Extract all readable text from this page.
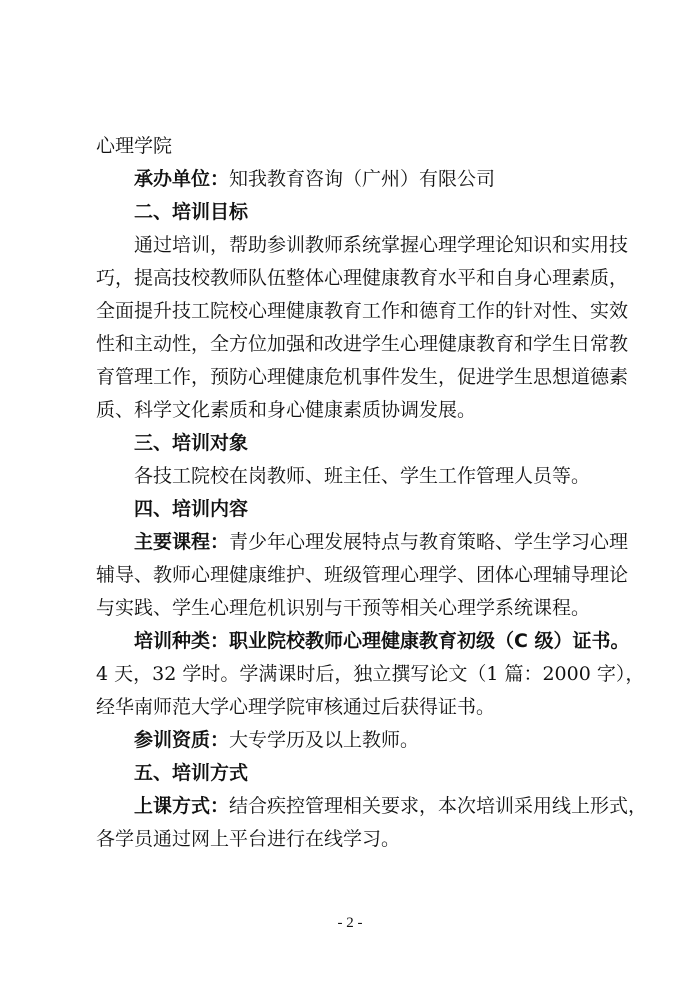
心理学院
承办单位：知我教育咨询（广州）有限公司
二、培训目标
通过培训，帮助参训教师系统掌握心理学理论知识和实用技
巧，提高技校教师队伍整体心理健康教育水平和自身心理素质，
全面提升技工院校心理健康教育工作和德育工作的针对性、实效
性和主动性，全方位加强和改进学生心理健康教育和学生日常教
育管理工作，预防心理健康危机事件发生，促进学生思想道德素
质、科学文化素质和身心健康素质协调发展。
三、培训对象
各技工院校在岗教师、班主任、学生工作管理人员等。
四、培训内容
主要课程：青少年心理发展特点与教育策略、学生学习心理
辅导、教师心理健康维护、班级管理心理学、团体心理辅导理论
与实践、学生心理危机识别与干预等相关心理学系统课程。
培训种类：职业院校教师心理健康教育初级（C 级）证书。
4 天，32 学时。学满课时后，独立撰写论文（1 篇：2000 字），
经华南师范大学心理学院审核通过后获得证书。
参训资质：大专学历及以上教师。
五、培训方式
上课方式：结合疾控管理相关要求，本次培训采用线上形式，
各学员通过网上平台进行在线学习。
- 2 -
